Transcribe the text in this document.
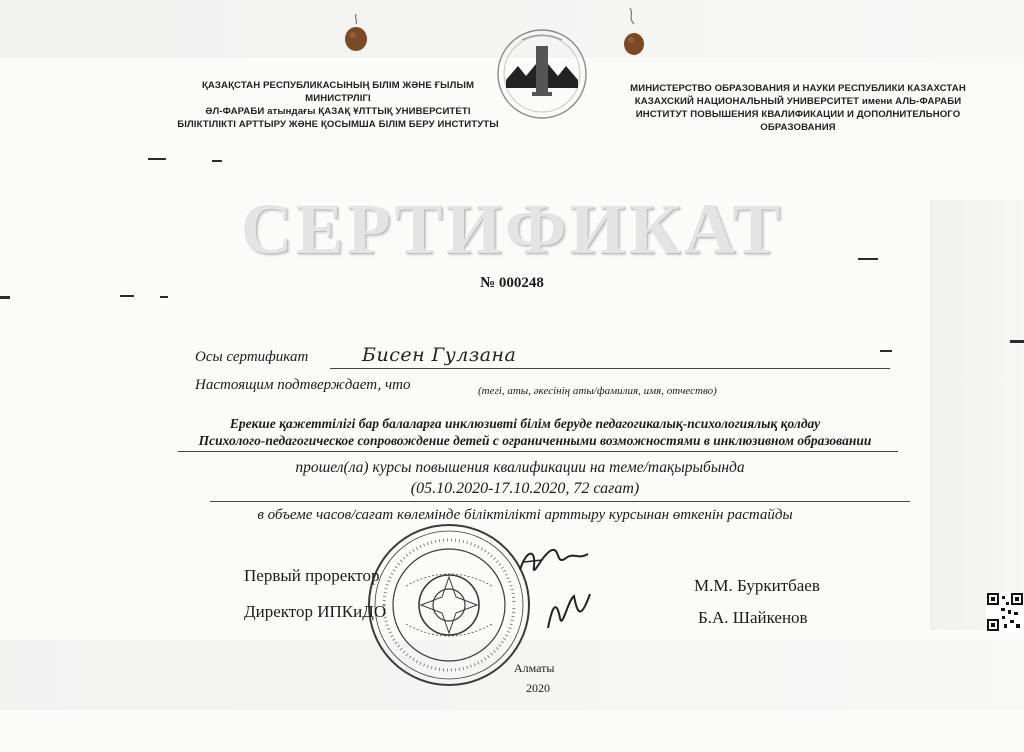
ҚАЗАҚСТАН РЕСПУБЛИКАСЫНЫҢ БІЛІМ ЖӘНЕ ҒЫЛЫМ МИНИСТРЛІГІ
ӘЛ-ФАРАБИ атындағы ҚАЗАҚ ҰЛТТЫҚ УНИВЕРСИТЕТІ
БІЛІКТІЛІКТІ АРТТЫРУ ЖӘНЕ ҚОСЫМША БІЛІМ БЕРУ ИНСТИТУТЫ
МИНИСТЕРСТВО ОБРАЗОВАНИЯ И НАУКИ РЕСПУБЛИКИ КАЗАХСТАН
КАЗАХСКИЙ НАЦИОНАЛЬНЫЙ УНИВЕРСИТЕТ имени АЛЬ-ФАРАБИ
ИНСТИТУТ ПОВЫШЕНИЯ КВАЛИФИКАЦИИ И ДОПОЛНИТЕЛЬНОГО ОБРАЗОВАНИЯ
СЕРТИФИКАТ
№ 000248
Осы сертификат	Бисен Гулзана
Настоящим подтверждает, что	(тегі, аты, әкесінің аты/фамилия, имя, отчество)
Ерекше қажеттілігі бар балаларға инклюзивті білім беруде педагогикалық-психологиялық қолдау
Психолого-педагогическое сопровождение детей с ограниченными возможностями в инклюзивном образовании
прошел(ла) курсы повышения квалификации на теме/тақырыбында
(05.10.2020-17.10.2020, 72 сағат)
в объеме часов/сағат көлемінде біліктілікті арттыру курсынан өткенін растайды
Первый проректор
Директор ИПКиДО
М.М. Буркитбаев
Б.А. Шайкенов
Алматы
2020
